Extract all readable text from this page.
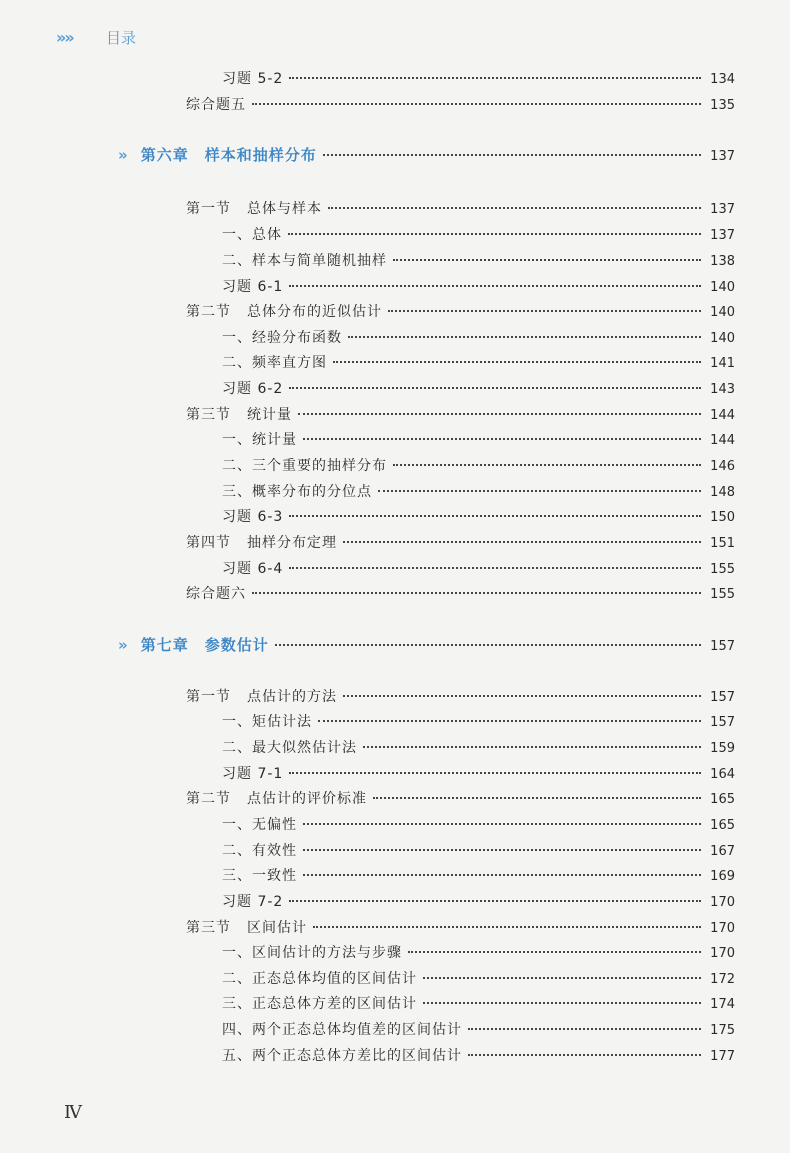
»»	目录
习题 5-2	134
综合题五	135
» 第六章 样本和抽样分布	137
第一节 总体与样本	137
一、总体	137
二、样本与简单随机抽样	138
习题 6-1	140
第二节 总体分布的近似估计	140
一、经验分布函数	140
二、频率直方图	141
习题 6-2	143
第三节 统计量	144
一、统计量	144
二、三个重要的抽样分布	146
三、概率分布的分位点	148
习题 6-3	150
第四节 抽样分布定理	151
习题 6-4	155
综合题六	155
» 第七章 参数估计	157
第一节 点估计的方法	157
一、矩估计法	157
二、最大似然估计法	159
习题 7-1	164
第二节 点估计的评价标准	165
一、无偏性	165
二、有效性	167
三、一致性	169
习题 7-2	170
第三节 区间估计	170
一、区间估计的方法与步骤	170
二、正态总体均值的区间估计	172
三、正态总体方差的区间估计	174
四、两个正态总体均值差的区间估计	175
五、两个正态总体方差比的区间估计	177
Ⅳ
